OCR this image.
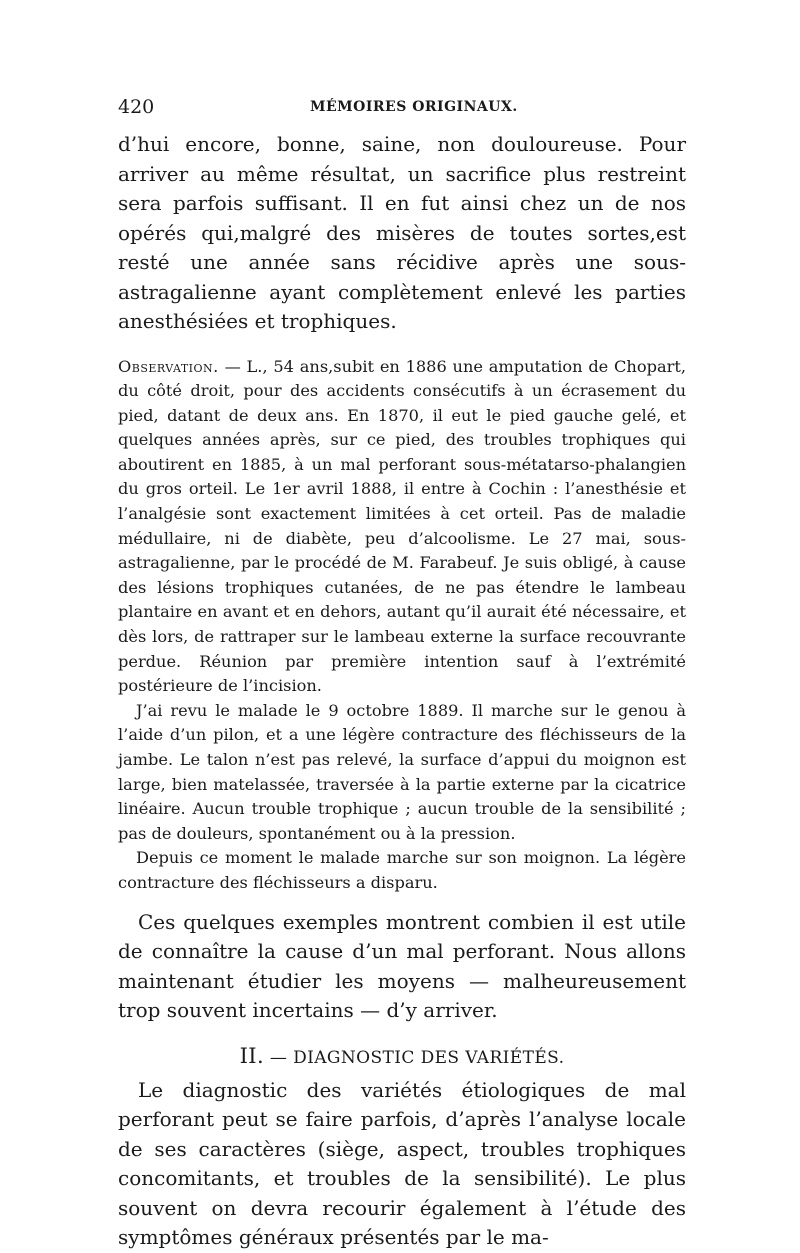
420	MÉMOIRES ORIGINAUX.

d’hui encore, bonne, saine, non douloureuse. Pour arriver au même résultat, un sacrifice plus restreint sera parfois suffisant. Il en fut ainsi chez un de nos opérés qui,malgré des misères de toutes sortes,est resté une année sans récidive après une sous-astragalienne ayant complètement enlevé les parties anesthésiées et trophiques.

Observation. — L., 54 ans,subit en 1886 une amputation de Chopart, du côté droit, pour des accidents consécutifs à un écrasement du pied, datant de deux ans. En 1870, il eut le pied gauche gelé, et quelques années après, sur ce pied, des troubles trophiques qui aboutirent en 1885, à un mal perforant sous-métatarso-phalangien du gros orteil. Le 1er avril 1888, il entre à Cochin : l’anesthésie et l’analgésie sont exactement limitées à cet orteil. Pas de maladie médullaire, ni de diabète, peu d’alcoolisme. Le 27 mai, sous-astragalienne, par le procédé de M. Farabeuf. Je suis obligé, à cause des lésions trophiques cutanées, de ne pas étendre le lambeau plantaire en avant et en dehors, autant qu’il aurait été nécessaire, et dès lors, de rattraper sur le lambeau externe la surface recouvrante perdue. Réunion par première intention sauf à l’extrémité postérieure de l’incision.

J’ai revu le malade le 9 octobre 1889. Il marche sur le genou à l’aide d’un pilon, et a une légère contracture des fléchisseurs de la jambe. Le talon n’est pas relevé, la surface d’appui du moignon est large, bien matelassée, traversée à la partie externe par la cicatrice linéaire. Aucun trouble trophique ; aucun trouble de la sensibilité ; pas de douleurs, spontanément ou à la pression.

Depuis ce moment le malade marche sur son moignon. La légère contracture des fléchisseurs a disparu.

Ces quelques exemples montrent combien il est utile de connaître la cause d’un mal perforant. Nous allons maintenant étudier les moyens — malheureusement trop souvent incertains — d’y arriver.

II. — DIAGNOSTIC DES VARIÉTÉS.

Le diagnostic des variétés étiologiques de mal perforant peut se faire parfois, d’après l’analyse locale de ses caractères (siège, aspect, troubles trophiques concomitants, et troubles de la sensibilité). Le plus souvent on devra recourir également à l’étude des symptômes généraux présentés par le ma-
